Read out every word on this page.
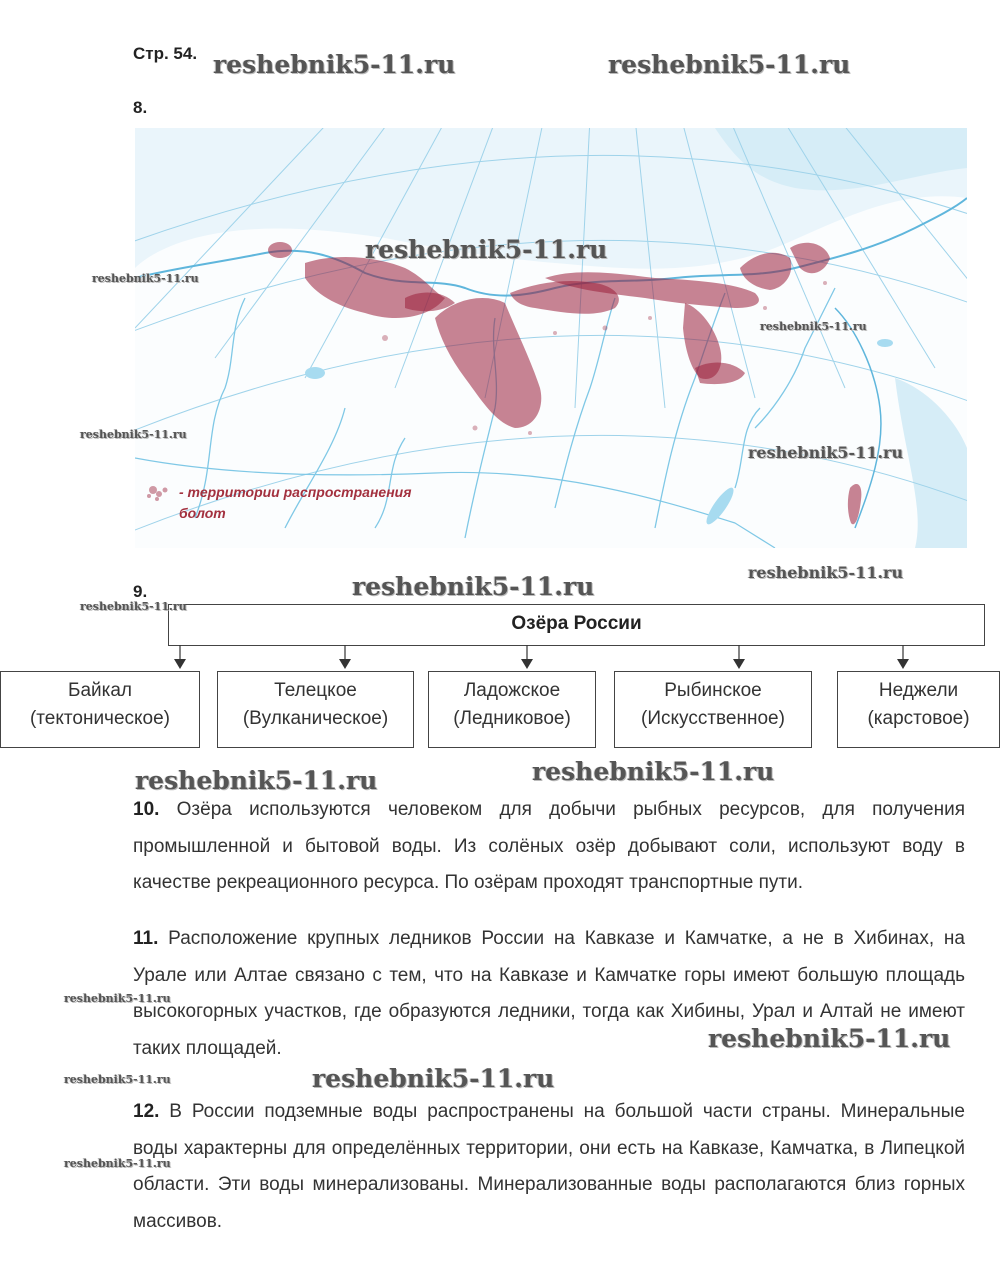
Стр. 54.
8.
- территории распространения болот
9.
Озёра России
Байкал
(тектоническое)
Телецкое
(Вулканическое)
Ладожское
(Ледниковое)
Рыбинское
(Искусственное)
Неджели
(карстовое)
10. Озёра используются человеком для добычи рыбных ресурсов, для получения промышленной и бытовой воды. Из солёных озёр добывают соли, используют воду в качестве рекреационного ресурса. По озёрам проходят транспортные пути.
11. Расположение крупных ледников России на Кавказе и Камчатке, а не в Хибинах, на Урале или Алтае связано с тем, что на Кавказе и Камчатке горы имеют большую площадь высокогорных участков, где образуются ледники, тогда как Хибины, Урал и Алтай не имеют таких площадей.
12. В России подземные воды распространены на большой части страны. Минеральные воды характерны для определённых территории, они есть на Кавказе, Камчатка, в Липецкой области. Эти воды минерализованы. Минерализованные воды располагаются близ горных массивов.
reshebnik5-11.ru	reshebnik5-11.ru
reshebnik5-11.ru
reshebnik5-11.ru
reshebnik5-11.ru
reshebnik5-11.ru
reshebnik5-11.ru
reshebnik5-11.ru	reshebnik5-11.ru
reshebnik5-11.ru
reshebnik5-11.ru	reshebnik5-11.ru
reshebnik5-11.ru
reshebnik5-11.ru
reshebnik5-11.ru	reshebnik5-11.ru
reshebnik5-11.ru
